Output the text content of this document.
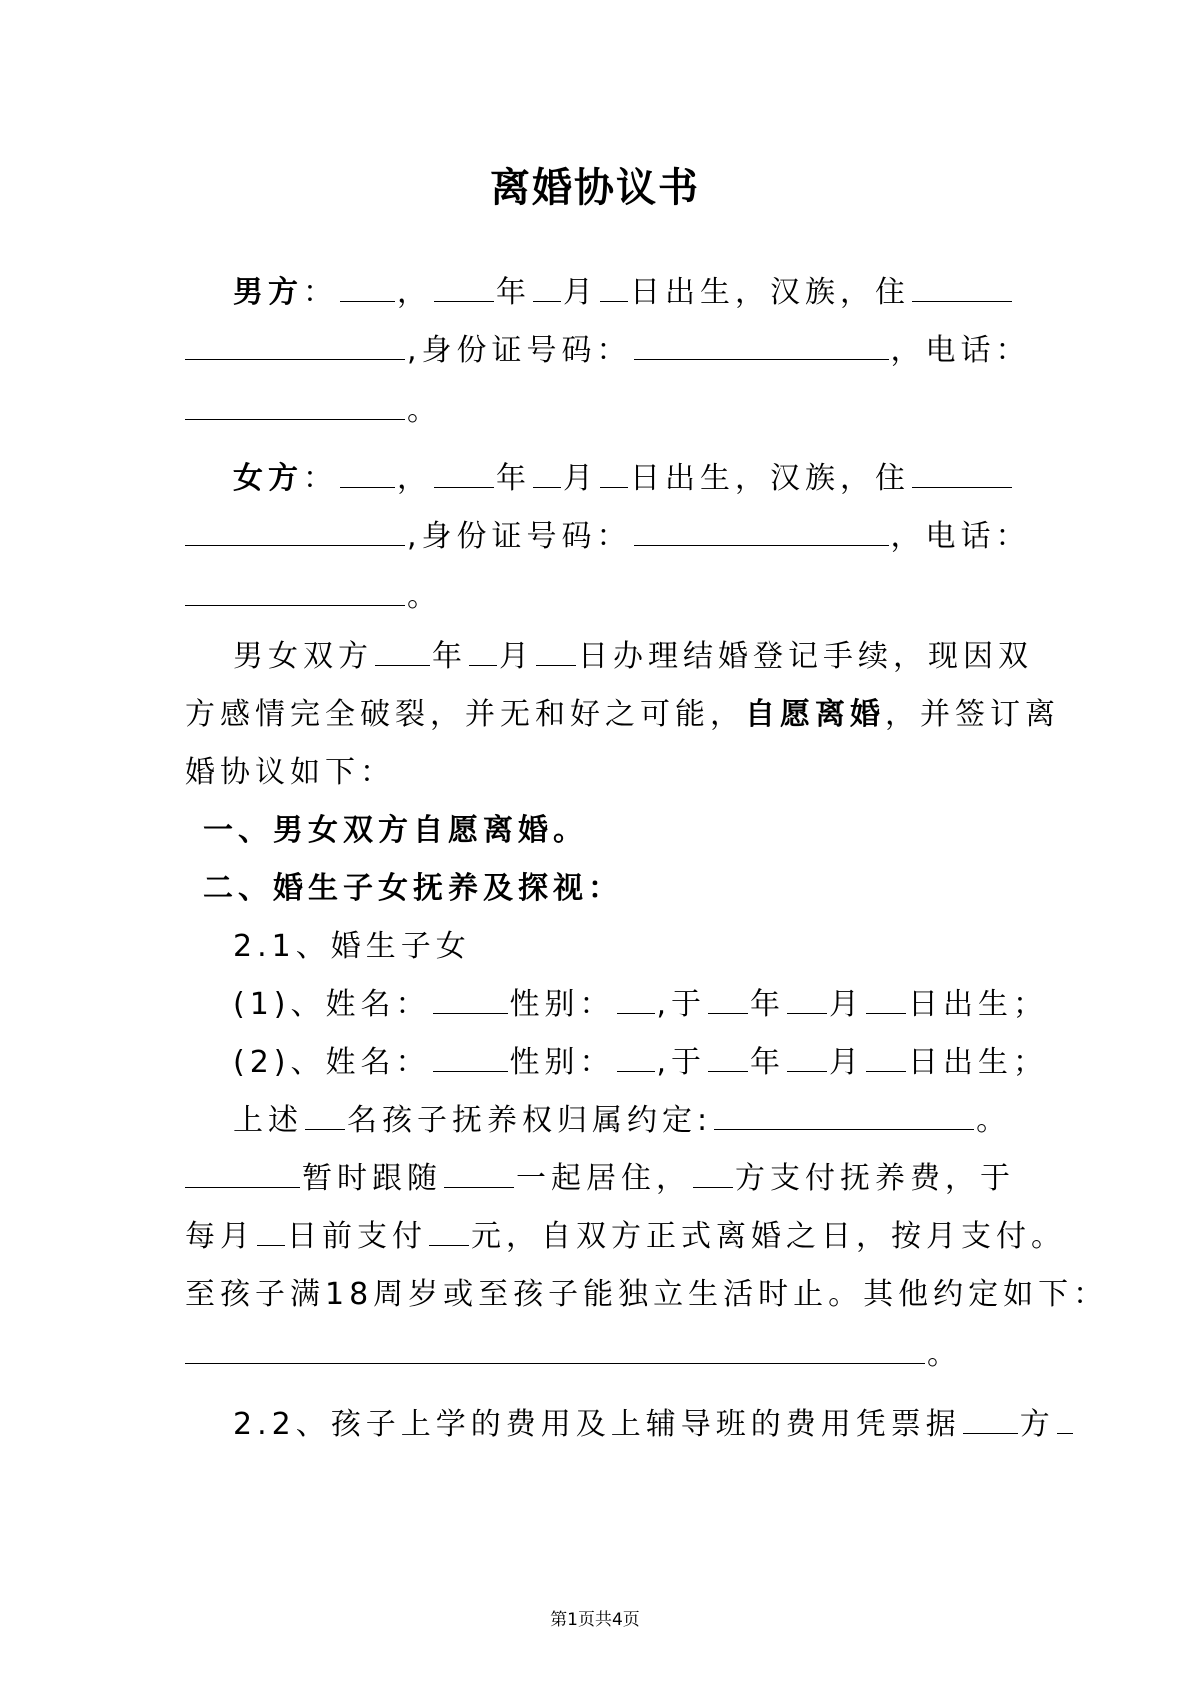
离婚协议书

男方： ， 年 月 日出生，汉族，住

,身份证号码：	，电话：

。

女方： ， 年 月 日出生，汉族，住

,身份证号码：	，电话：

。

男女双方 年 月 日办理结婚登记手续，现因双

方感情完全破裂，并无和好之可能，自愿离婚，并签订离

婚协议如下：

一、男女双方自愿离婚。

二、婚生子女抚养及探视：

2.1、婚生子女

(1)、姓名：	性别： ,于 年 月 日出生；

(2)、姓名：	性别： ,于 年 月 日出生；

上述 名孩子抚养权归属约定:	。

暂时跟随 一起居住， 方支付抚养费，于

每月 日前支付 元，自双方正式离婚之日，按月支付。

至孩子满18周岁或至孩子能独立生活时止。其他约定如下：

。

2.2、孩子上学的费用及上辅导班的费用凭票据 方

第1页共4页
